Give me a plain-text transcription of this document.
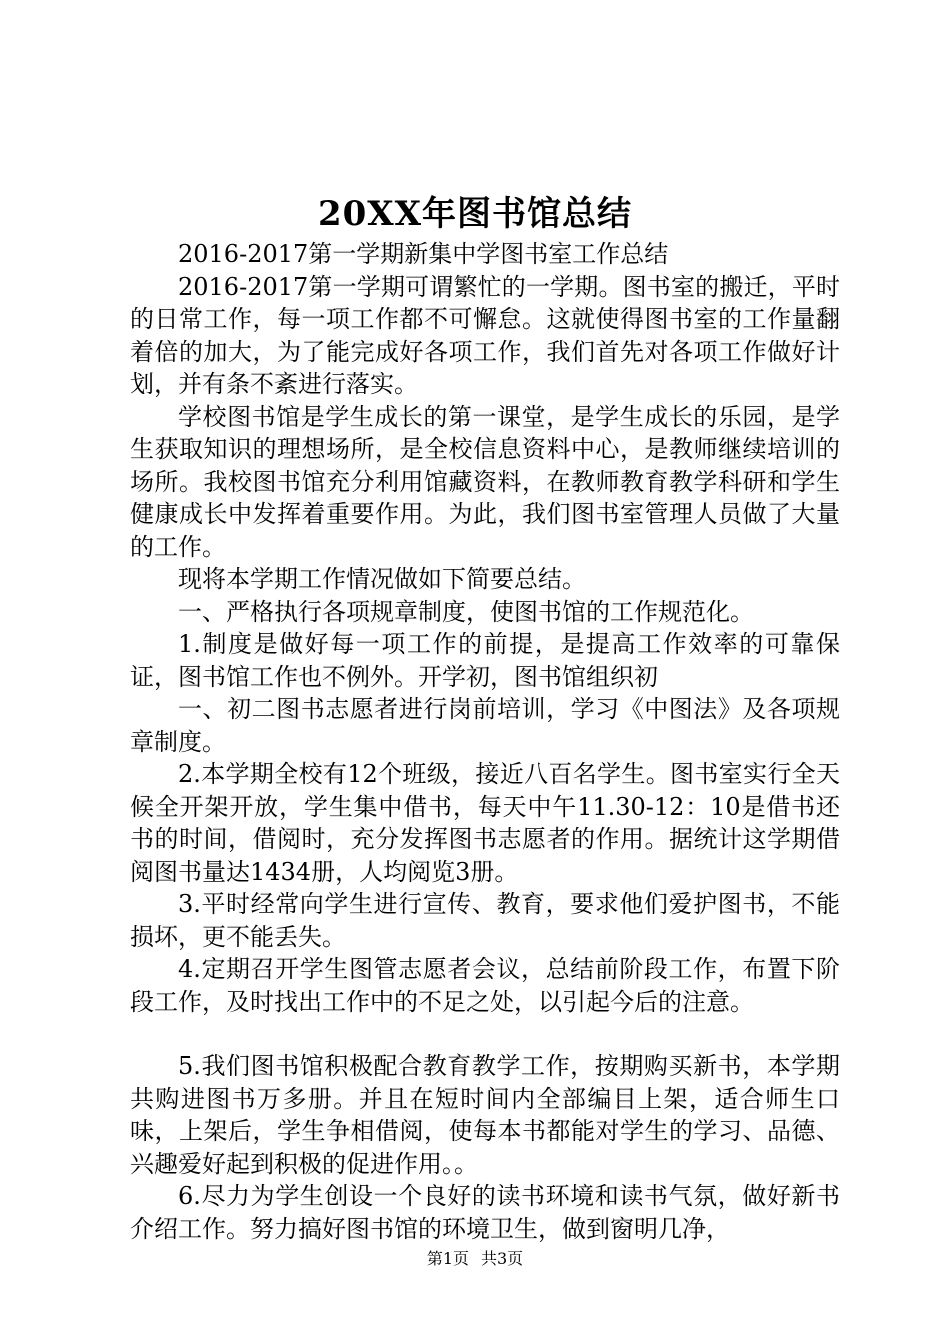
20XX年图书馆总结

2016-2017第一学期新集中学图书室工作总结

2016-2017第一学期可谓繁忙的一学期。图书室的搬迁，平时的日常工作，每一项工作都不可懈怠。这就使得图书室的工作量翻着倍的加大，为了能完成好各项工作，我们首先对各项工作做好计划，并有条不紊进行落实。

学校图书馆是学生成长的第一课堂，是学生成长的乐园，是学生获取知识的理想场所，是全校信息资料中心，是教师继续培训的场所。我校图书馆充分利用馆藏资料，在教师教育教学科研和学生健康成长中发挥着重要作用。为此，我们图书室管理人员做了大量的工作。

现将本学期工作情况做如下简要总结。

一、严格执行各项规章制度，使图书馆的工作规范化。

1.制度是做好每一项工作的前提，是提高工作效率的可靠保证，图书馆工作也不例外。开学初，图书馆组织初

一、初二图书志愿者进行岗前培训，学习《中图法》及各项规章制度。

2.本学期全校有12个班级，接近八百名学生。图书室实行全天候全开架开放，学生集中借书，每天中午11.30-12：10是借书还书的时间，借阅时，充分发挥图书志愿者的作用。据统计这学期借阅图书量达1434册，人均阅览3册。

3.平时经常向学生进行宣传、教育，要求他们爱护图书，不能损坏，更不能丢失。

4.定期召开学生图管志愿者会议，总结前阶段工作，布置下阶段工作，及时找出工作中的不足之处，以引起今后的注意。

5.我们图书馆积极配合教育教学工作，按期购买新书，本学期共购进图书万多册。并且在短时间内全部编目上架，适合师生口味，上架后，学生争相借阅，使每本书都能对学生的学习、品德、兴趣爱好起到积极的促进作用。。

6.尽力为学生创设一个良好的读书环境和读书气氛，做好新书介绍工作。努力搞好图书馆的环境卫生，做到窗明几净，

第1页 共3页
